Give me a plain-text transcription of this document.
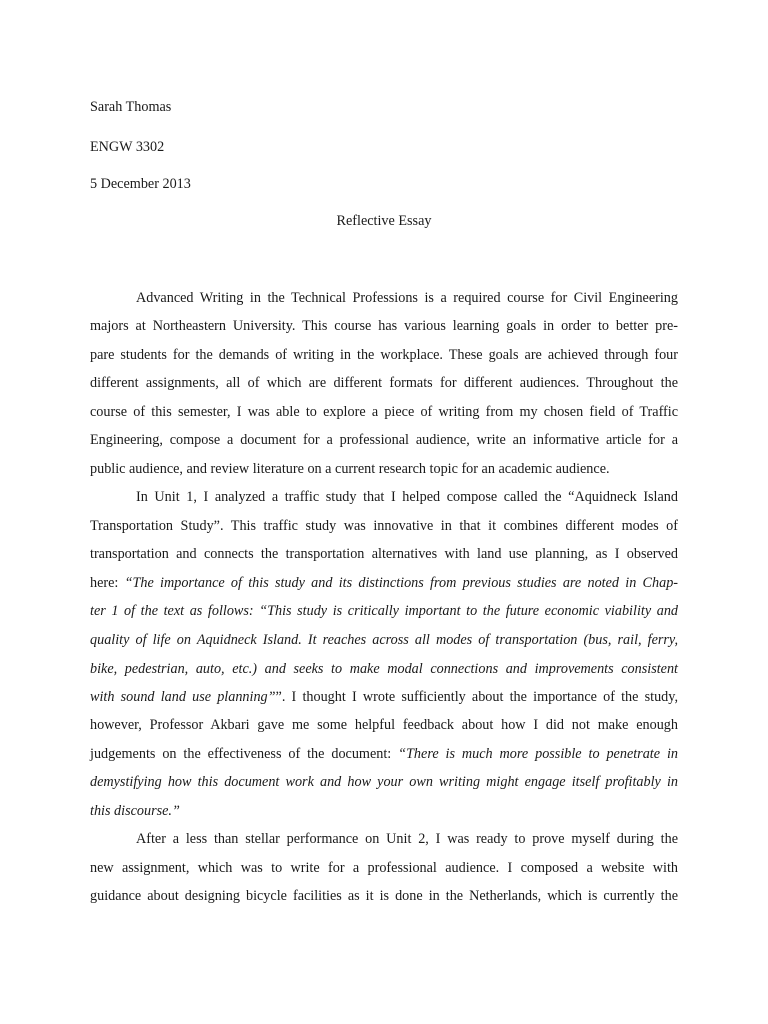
Sarah Thomas
ENGW 3302
5 December 2013
Reflective Essay
Advanced Writing in the Technical Professions is a required course for Civil Engineering
majors at Northeastern University. This course has various learning goals in order to better pre-
pare students for the demands of writing in the workplace. These goals are achieved through four
different assignments, all of which are different formats for different audiences. Throughout the
course of this semester, I was able to explore a piece of writing from my chosen field of Traffic
Engineering, compose a document for a professional audience, write an informative article for a
public audience, and review literature on a current research topic for an academic audience.
In Unit 1, I analyzed a traffic study that I helped compose called the “Aquidneck Island
Transportation Study”. This traffic study was innovative in that it combines different modes of
transportation and connects the transportation alternatives with land use planning, as I observed
here: “The importance of this study and its distinctions from previous studies are noted in Chap-
ter 1 of the text as follows: “This study is critically important to the future economic viability and
quality of life on Aquidneck Island. It reaches across all modes of transportation (bus, rail, ferry,
bike, pedestrian, auto, etc.) and seeks to make modal connections and improvements consistent
with sound land use planning””. I thought I wrote sufficiently about the importance of the study,
however, Professor Akbari gave me some helpful feedback about how I did not make enough
judgements on the effectiveness of the document: “There is much more possible to penetrate in
demystifying how this document work and how your own writing might engage itself profitably in
this discourse.”
After a less than stellar performance on Unit 2, I was ready to prove myself during the
new assignment, which was to write for a professional audience. I composed a website with
guidance about designing bicycle facilities as it is done in the Netherlands, which is currently the
